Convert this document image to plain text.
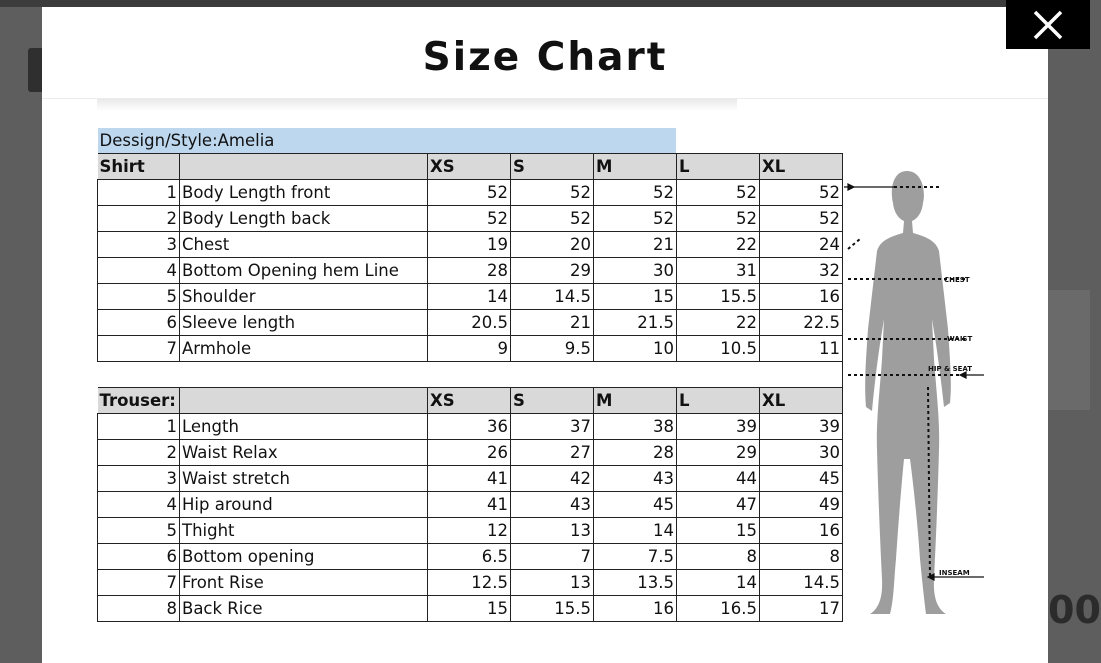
00
Size Chart
Dessign/Style:Amelia						
Shirt		XS	S	M	L	XL
1	Body Length front	52	52	52	52	52
2	Body Length back	52	52	52	52	52
3	Chest	19	20	21	22	24
4	Bottom Opening hem Line	28	29	30	31	32
5	Shoulder	14	14.5	15	15.5	16
6	Sleeve length	20.5	21	21.5	22	22.5
7	Armhole	9	9.5	10	10.5	11

Trouser:		XS	S	M	L	XL
1	Length	36	37	38	39	39
2	Waist Relax	26	27	28	29	30
3	Waist stretch	41	42	43	44	45
4	Hip around	41	43	45	47	49
5	Thight	12	13	14	15	16
6	Bottom opening	6.5	7	7.5	8	8
7	Front Rise	12.5	13	13.5	14	14.5
8	Back Rice	15	15.5	16	16.5	17
CHEST
WAIST
HIP & SEAT
INSEAM
